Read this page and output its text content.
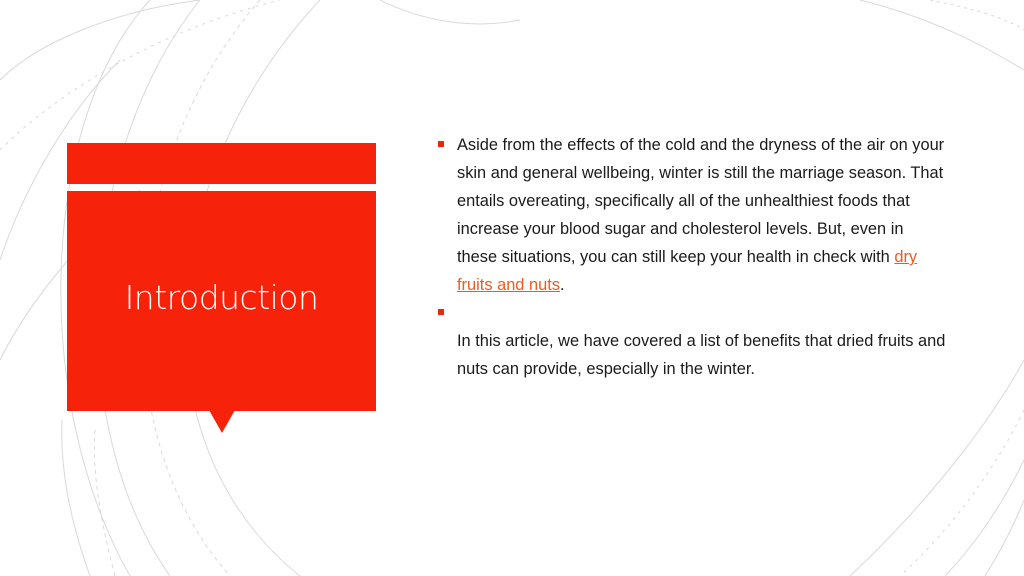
Introduction
Aside from the effects of the cold and the dryness of the air on your skin and general wellbeing, winter is still the marriage season. That entails overeating, specifically all of the unhealthiest foods that increase your blood sugar and cholesterol levels. But, even in these situations, you can still keep your health in check with dry fruits and nuts.
In this article, we have covered a list of benefits that dried fruits and nuts can provide, especially in the winter.
